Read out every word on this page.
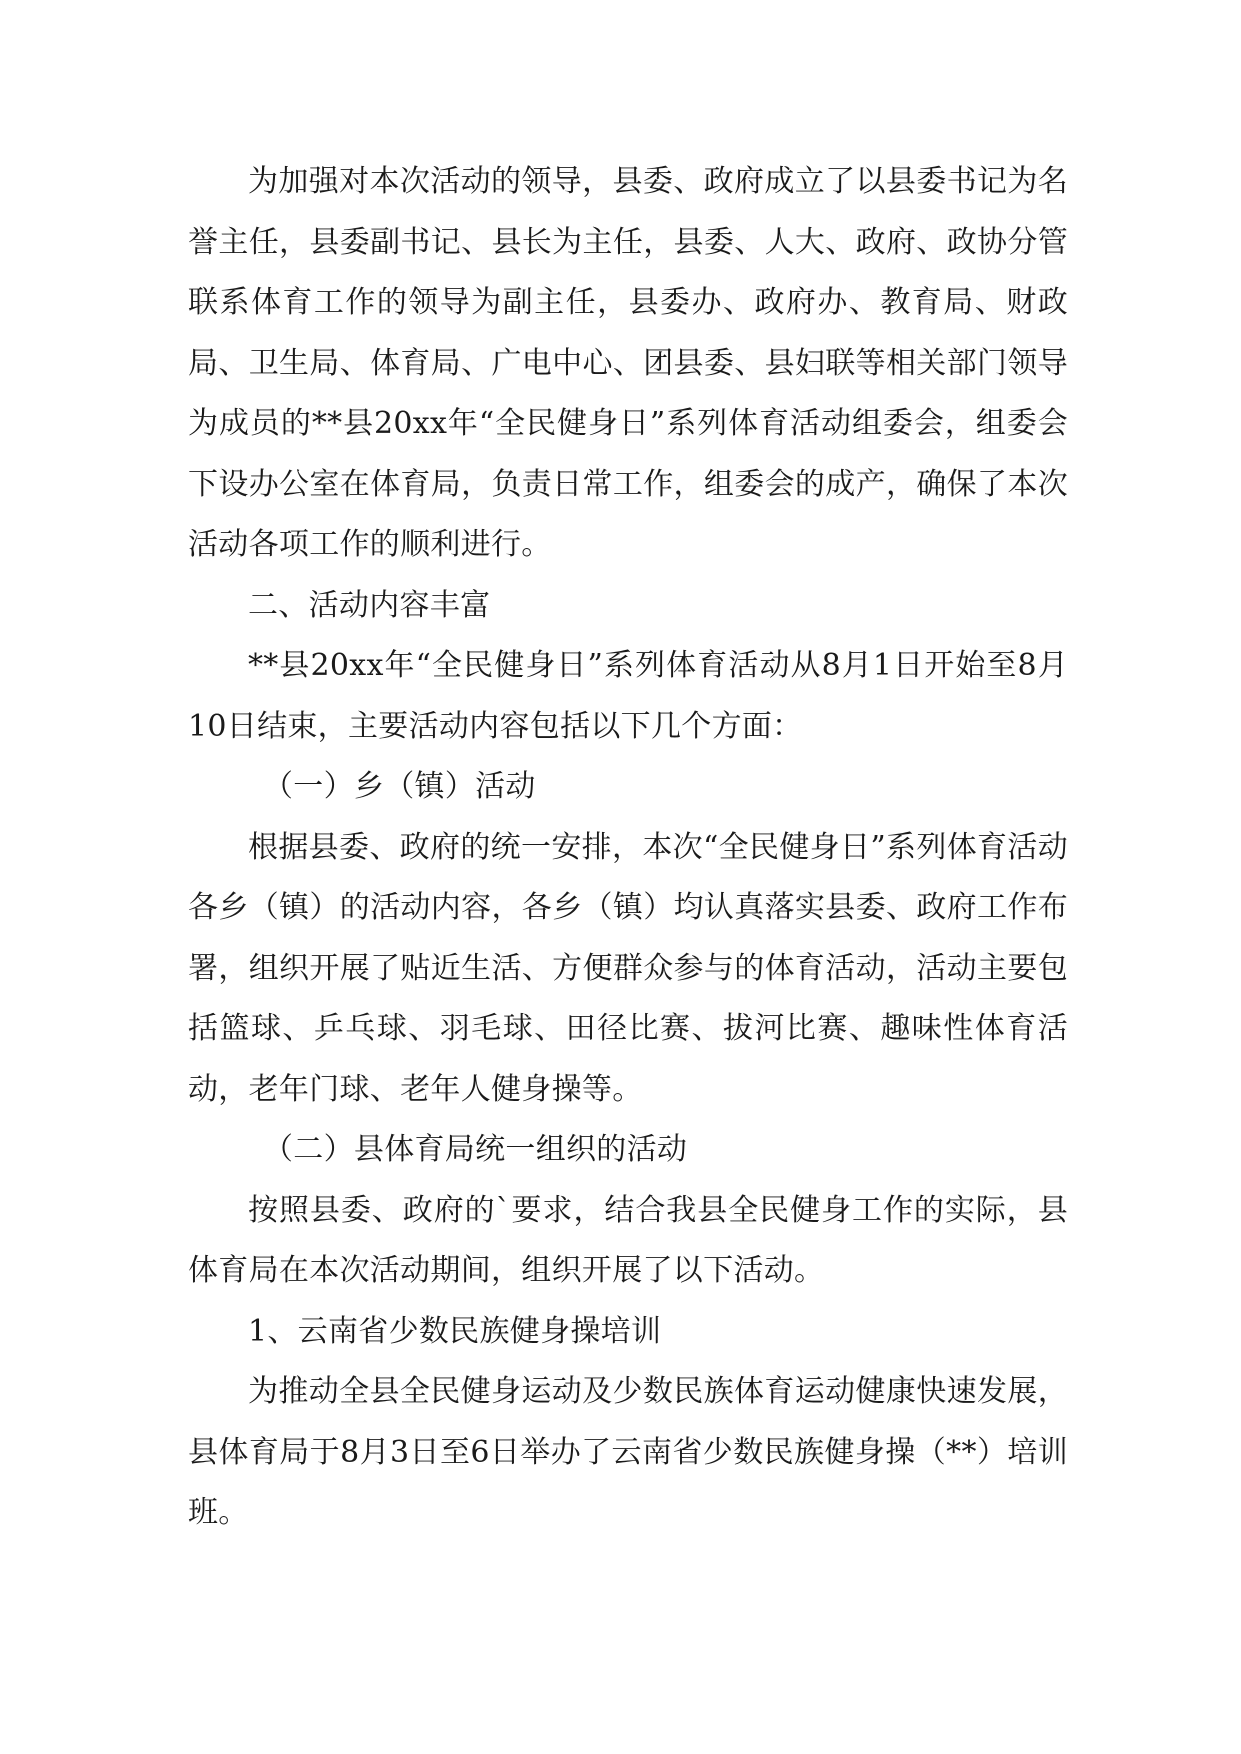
为加强对本次活动的领导，县委、政府成立了以县委书记为名誉主任，县委副书记、县长为主任，县委、人大、政府、政协分管联系体育工作的领导为副主任，县委办、政府办、教育局、财政局、卫生局、体育局、广电中心、团县委、县妇联等相关部门领导为成员的**县20xx年“全民健身日”系列体育活动组委会，组委会下设办公室在体育局，负责日常工作，组委会的成产，确保了本次活动各项工作的顺利进行。

二、活动内容丰富

**县20xx年“全民健身日”系列体育活动从8月1日开始至8月10日结束，主要活动内容包括以下几个方面：

（一）乡（镇）活动

根据县委、政府的统一安排，本次“全民健身日”系列体育活动各乡（镇）的活动内容，各乡（镇）均认真落实县委、政府工作布署，组织开展了贴近生活、方便群众参与的体育活动，活动主要包括篮球、乒乓球、羽毛球、田径比赛、拔河比赛、趣味性体育活动，老年门球、老年人健身操等。

（二）县体育局统一组织的活动

按照县委、政府的`要求，结合我县全民健身工作的实际，县体育局在本次活动期间，组织开展了以下活动。

1、云南省少数民族健身操培训

为推动全县全民健身运动及少数民族体育运动健康快速发展，县体育局于8月3日至6日举办了云南省少数民族健身操（**）培训班。
